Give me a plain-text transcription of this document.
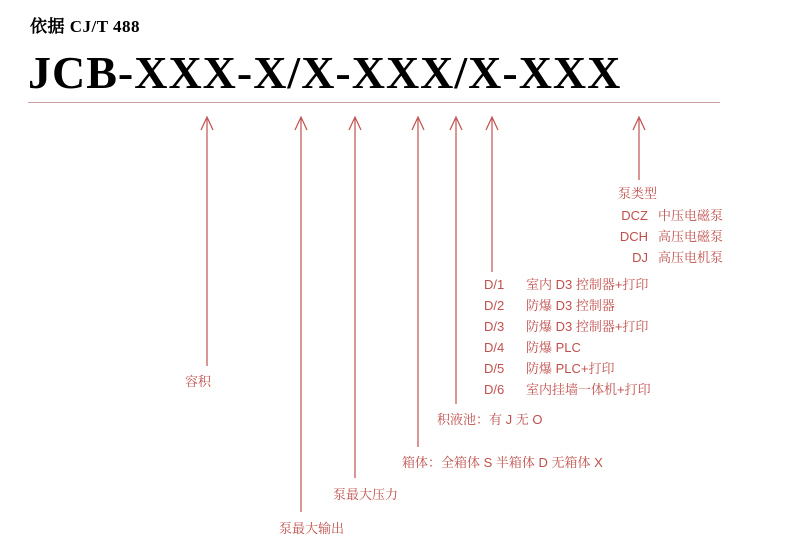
依据 CJ/T 488
JCB-XXX-X/X-XXX/X-XXX
容积
泵最大输出
泵最大压力
箱体：全箱体 S 半箱体 D 无箱体 X
积液池：有 J 无 O
D/1	室内 D3 控制器+打印
D/2	防爆 D3 控制器
D/3	防爆 D3 控制器+打印
D/4	防爆 PLC
D/5	防爆 PLC+打印
D/6	室内挂墙一体机+打印
泵类型
DCZ 中压电磁泵
DCH 高压电磁泵
DJ 高压电机泵
